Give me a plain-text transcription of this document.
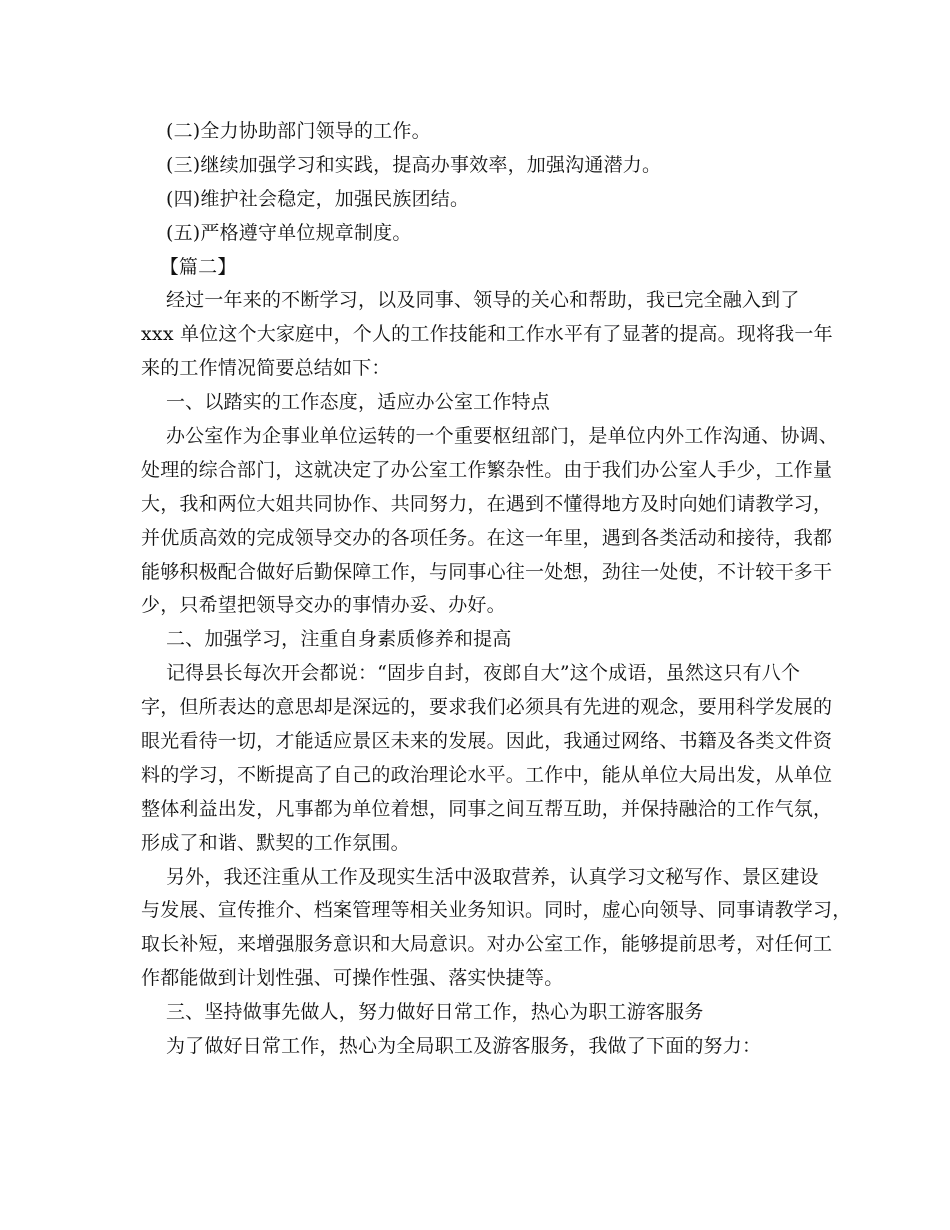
(二)全力协助部门领导的工作。
(三)继续加强学习和实践，提高办事效率，加强沟通潜力。
(四)维护社会稳定，加强民族团结。
(五)严格遵守单位规章制度。
【篇二】
经过一年来的不断学习，以及同事、领导的关心和帮助，我已完全融入到了
xxx 单位这个大家庭中，个人的工作技能和工作水平有了显著的提高。现将我一年
来的工作情况简要总结如下：
一、以踏实的工作态度，适应办公室工作特点
办公室作为企事业单位运转的一个重要枢纽部门，是单位内外工作沟通、协调、
处理的综合部门，这就决定了办公室工作繁杂性。由于我们办公室人手少，工作量
大，我和两位大姐共同协作、共同努力，在遇到不懂得地方及时向她们请教学习，
并优质高效的完成领导交办的各项任务。在这一年里，遇到各类活动和接待，我都
能够积极配合做好后勤保障工作，与同事心往一处想，劲往一处使，不计较干多干
少，只希望把领导交办的事情办妥、办好。
二、加强学习，注重自身素质修养和提高
记得县长每次开会都说：“固步自封，夜郎自大”这个成语，虽然这只有八个
字，但所表达的意思却是深远的，要求我们必须具有先进的观念，要用科学发展的
眼光看待一切，才能适应景区未来的发展。因此，我通过网络、书籍及各类文件资
料的学习，不断提高了自己的政治理论水平。工作中，能从单位大局出发，从单位
整体利益出发，凡事都为单位着想，同事之间互帮互助，并保持融洽的工作气氛，
形成了和谐、默契的工作氛围。
另外，我还注重从工作及现实生活中汲取营养，认真学习文秘写作、景区建设
与发展、宣传推介、档案管理等相关业务知识。同时，虚心向领导、同事请教学习，
取长补短，来增强服务意识和大局意识。对办公室工作，能够提前思考，对任何工
作都能做到计划性强、可操作性强、落实快捷等。
三、坚持做事先做人，努力做好日常工作，热心为职工游客服务
为了做好日常工作，热心为全局职工及游客服务，我做了下面的努力：
